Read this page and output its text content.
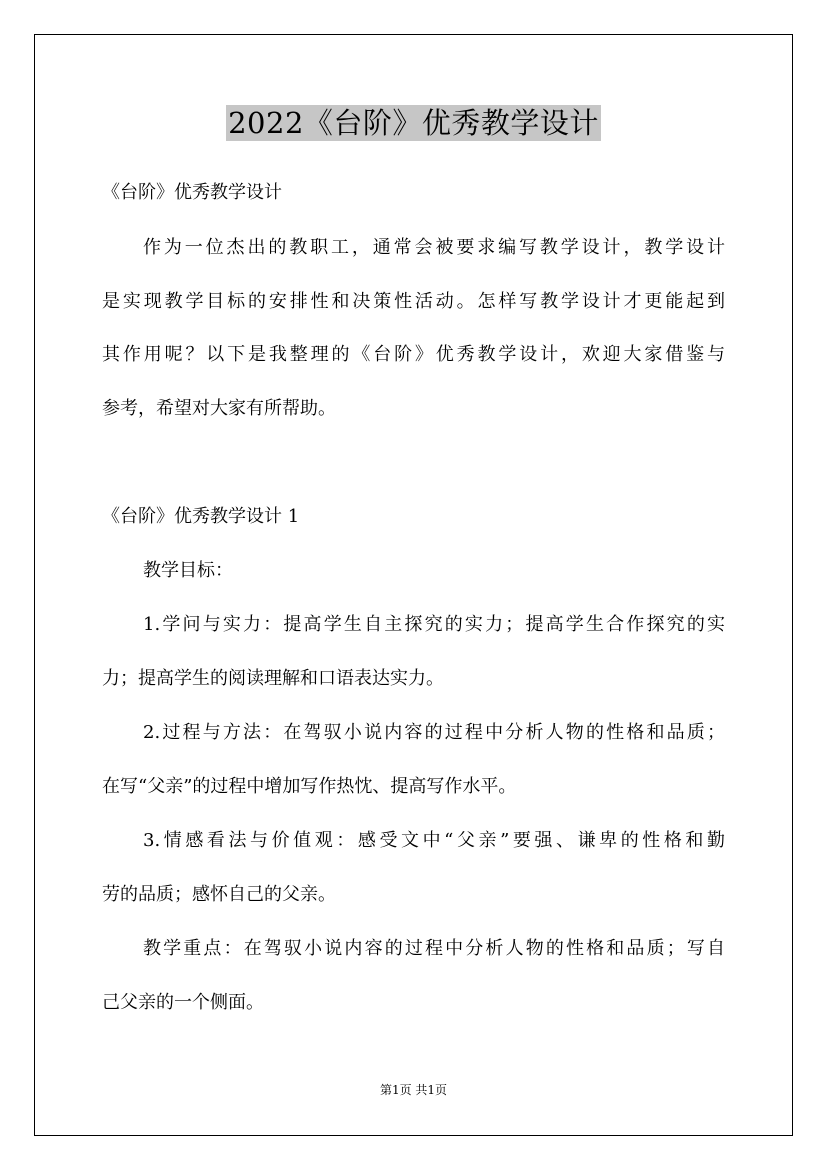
2022《台阶》优秀教学设计
《台阶》优秀教学设计
作为一位杰出的教职工，通常会被要求编写教学设计，教学设计
是实现教学目标的安排性和决策性活动。怎样写教学设计才更能起到
其作用呢？以下是我整理的《台阶》优秀教学设计，欢迎大家借鉴与
参考，希望对大家有所帮助。
《台阶》优秀教学设计 1
教学目标：
1.学问与实力：提高学生自主探究的实力；提高学生合作探究的实
力；提高学生的阅读理解和口语表达实力。
2.过程与方法：在驾驭小说内容的过程中分析人物的性格和品质；
在写“父亲”的过程中增加写作热忱、提高写作水平。
3.情感看法与价值观：感受文中“父亲”要强、谦卑的性格和勤
劳的品质；感怀自己的父亲。
教学重点：在驾驭小说内容的过程中分析人物的性格和品质；写自
己父亲的一个侧面。
第1页 共1页
